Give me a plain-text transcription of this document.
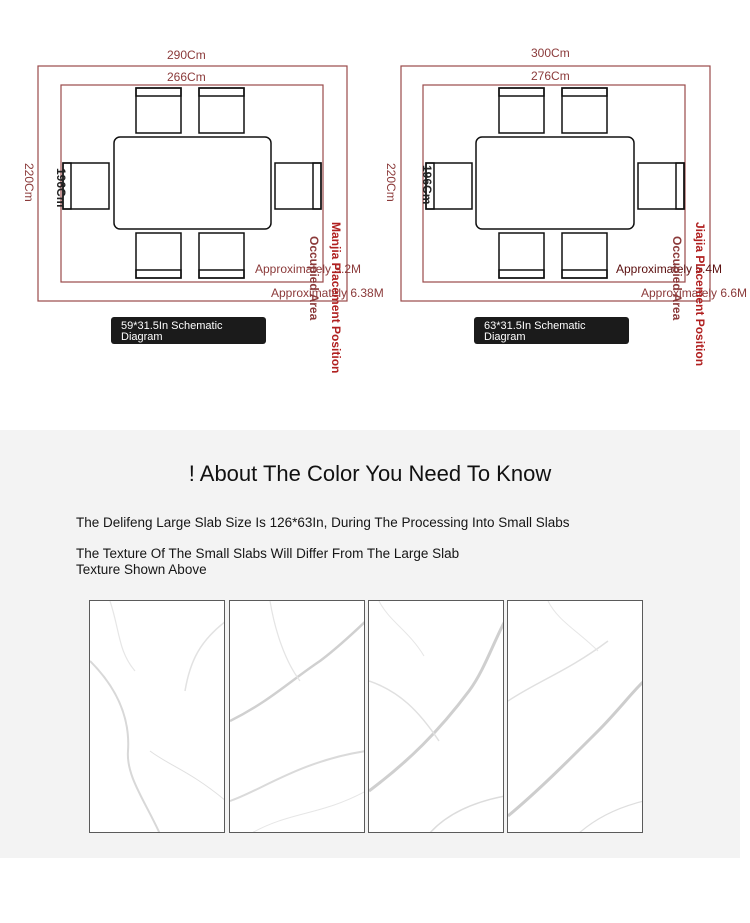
290Cm
266Cm
220Cm 196Cm
Approximately 5.2M
Approximately 6.38M
Manjia Placement Position
Occupied Area
59*31.5In Schematic Diagram
300Cm
276Cm
220Cm 196Cm
Approximately 5.4M
Approximately 6.6M
Jiajia Placement Position
Occupied Area
63*31.5In Schematic Diagram
! About The Color You Need To Know
The Delifeng Large Slab Size Is 126*63In, During The Processing Into Small Slabs
The Texture Of The Small Slabs Will Differ From The Large Slab
Texture Shown Above
